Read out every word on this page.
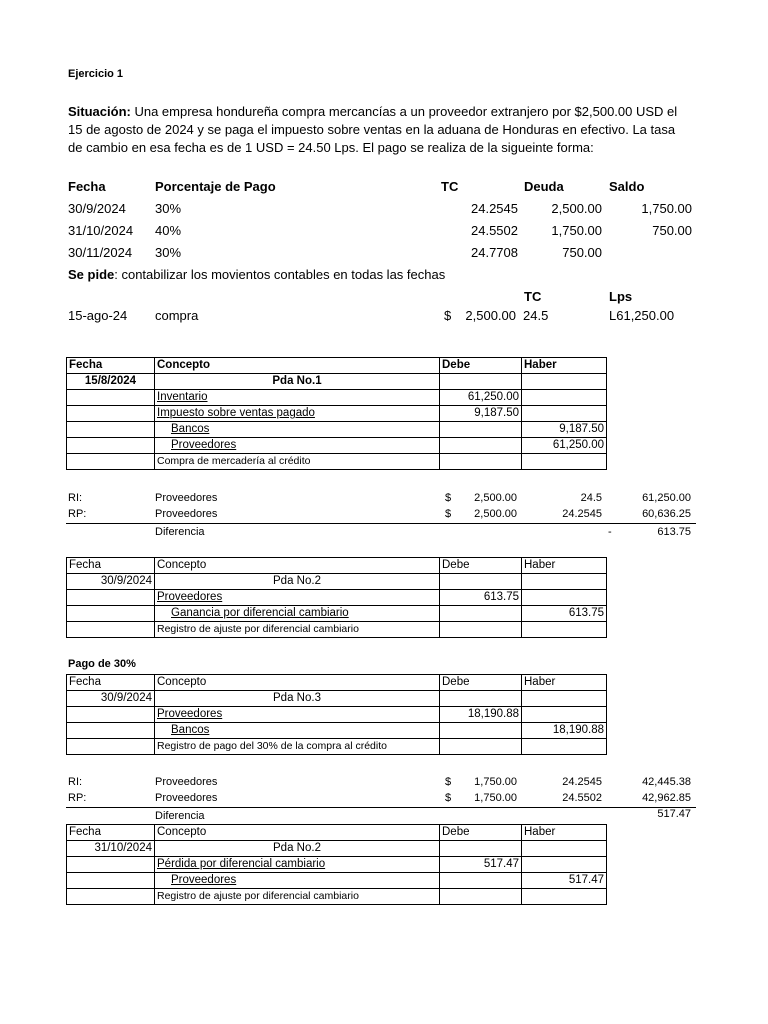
Ejercicio 1
Situación: Una empresa hondureña compra mercancías a un proveedor extranjero por $2,500.00 USD el
15 de agosto de 2024 y se paga el impuesto sobre ventas en la aduana de Honduras en efectivo. La tasa
de cambio en esa fecha es de 1 USD = 24.50 Lps. El pago se realiza de la sigueinte forma:
Fecha	Porcentaje de Pago	TC	Deuda	Saldo
30/9/2024 30%	24.2545	2,500.00	1,750.00
31/10/2024 40%	24.5502	1,750.00	750.00
30/11/2024 30%	24.7708	750.00
Se pide: contabilizar los movientos contables en todas las fechas
TC	Lps
15-ago-24 compra	$	2,500.00 24.5	L61,250.00
Fecha	Concepto	Debe	Haber
15/8/2024	Pda No.1		
	Inventario	61,250.00	
	Impuesto sobre ventas pagado	9,187.50	
	Bancos		9,187.50
	Proveedores		61,250.00
	Compra de mercadería al crédito		
RI:	Proveedores	$	2,500.00	24.5	61,250.00
RP:	Proveedores	$	2,500.00	24.2545	60,636.25
Diferencia	-	613.75
Fecha	Concepto	Debe	Haber
30/9/2024	Pda No.2		
	Proveedores	613.75	
	Ganancia por diferencial cambiario		613.75
	Registro de ajuste por diferencial cambiario		
Pago de 30%
Fecha	Concepto	Debe	Haber
30/9/2024	Pda No.3		
	Proveedores	18,190.88	
	Bancos		18,190.88
	Registro de pago del 30% de la compra al crédito		
RI:	Proveedores	$	1,750.00	24.2545	42,445.38
RP:	Proveedores	$	1,750.00	24.5502	42,962.85
Diferencia	517.47
Fecha	Concepto	Debe	Haber
31/10/2024	Pda No.2		
	Pérdida por diferencial cambiario	517.47	
	Proveedores		517.47
	Registro de ajuste por diferencial cambiario		
